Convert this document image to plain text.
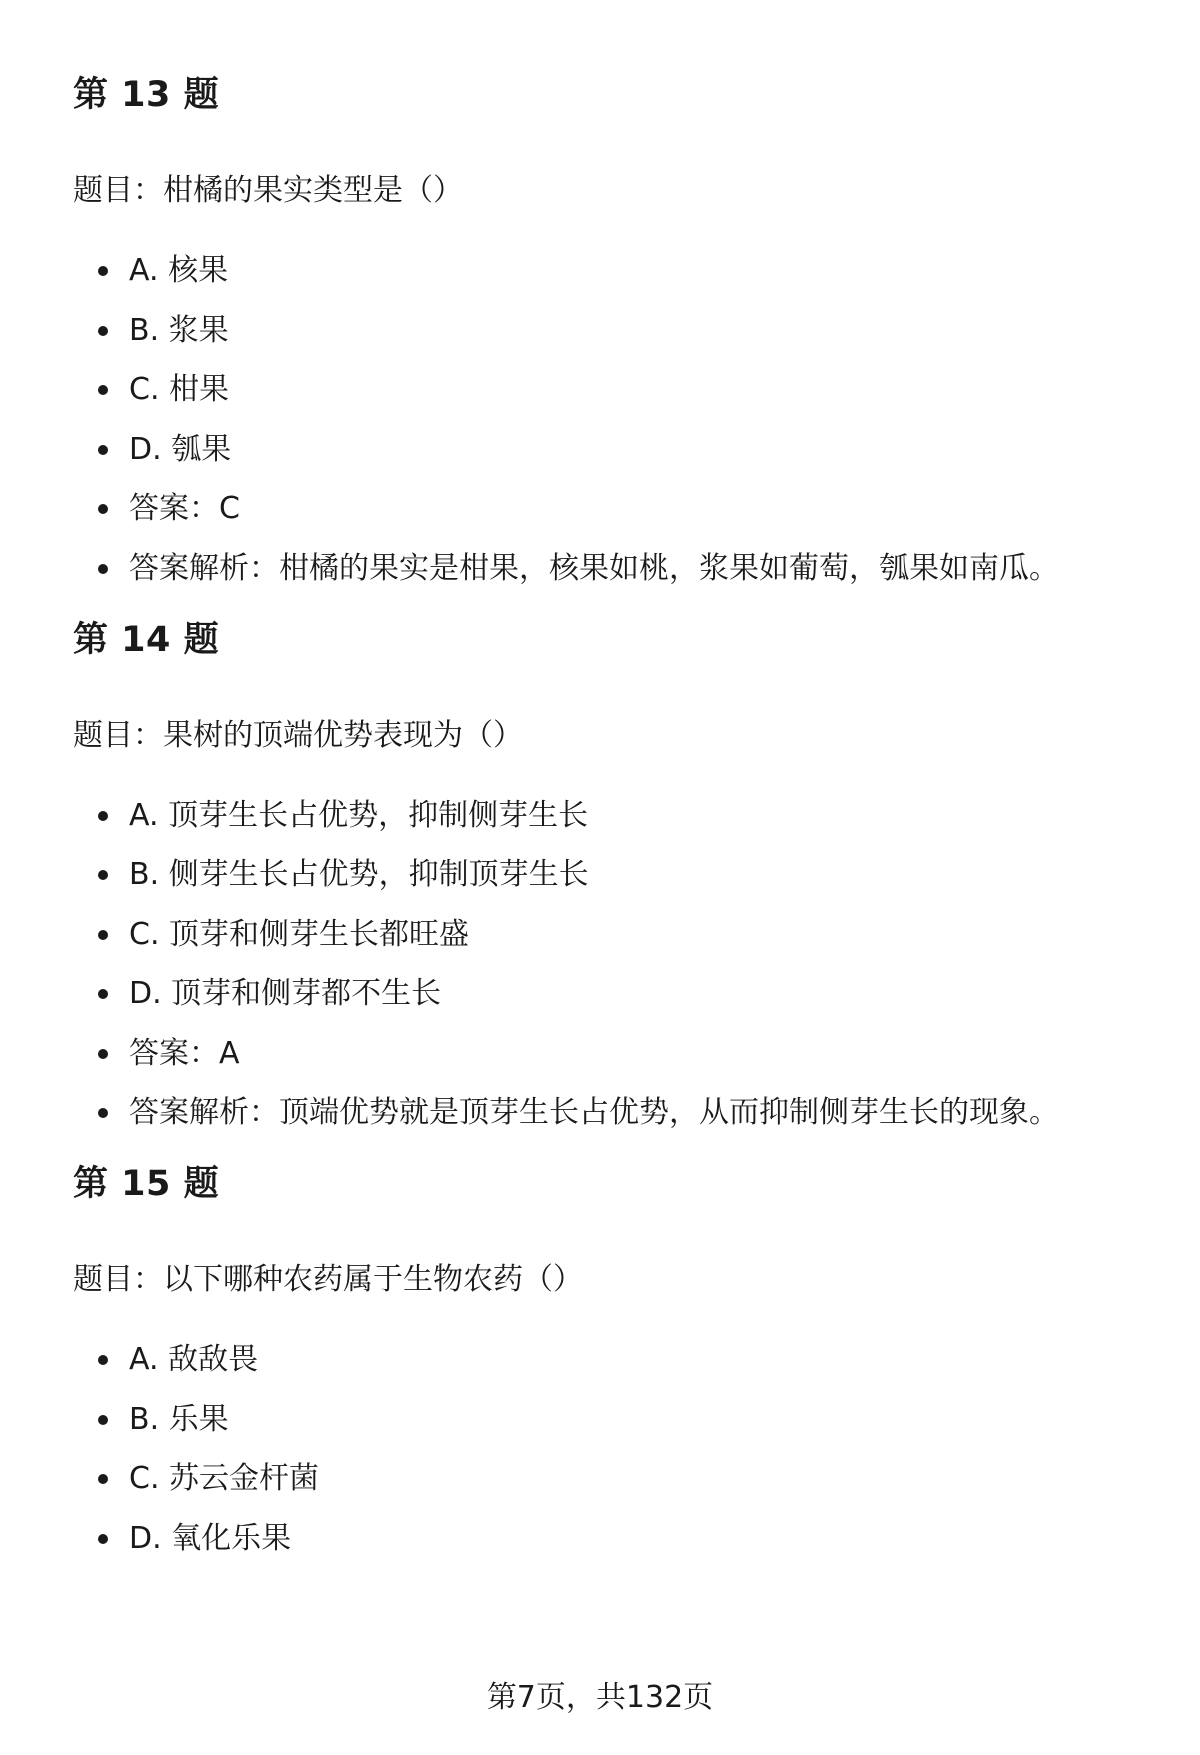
第 13 题

题目：柑橘的果实类型是（）

A. 核果
B. 浆果
C. 柑果
D. 瓠果
答案：C
答案解析：柑橘的果实是柑果，核果如桃，浆果如葡萄，瓠果如南瓜。
第 14 题

题目：果树的顶端优势表现为（）

A. 顶芽生长占优势，抑制侧芽生长
B. 侧芽生长占优势，抑制顶芽生长
C. 顶芽和侧芽生长都旺盛
D. 顶芽和侧芽都不生长
答案：A
答案解析：顶端优势就是顶芽生长占优势，从而抑制侧芽生长的现象。
第 15 题

题目：以下哪种农药属于生物农药（）

A. 敌敌畏
B. 乐果
C. 苏云金杆菌
D. 氧化乐果
第7页，共132页
